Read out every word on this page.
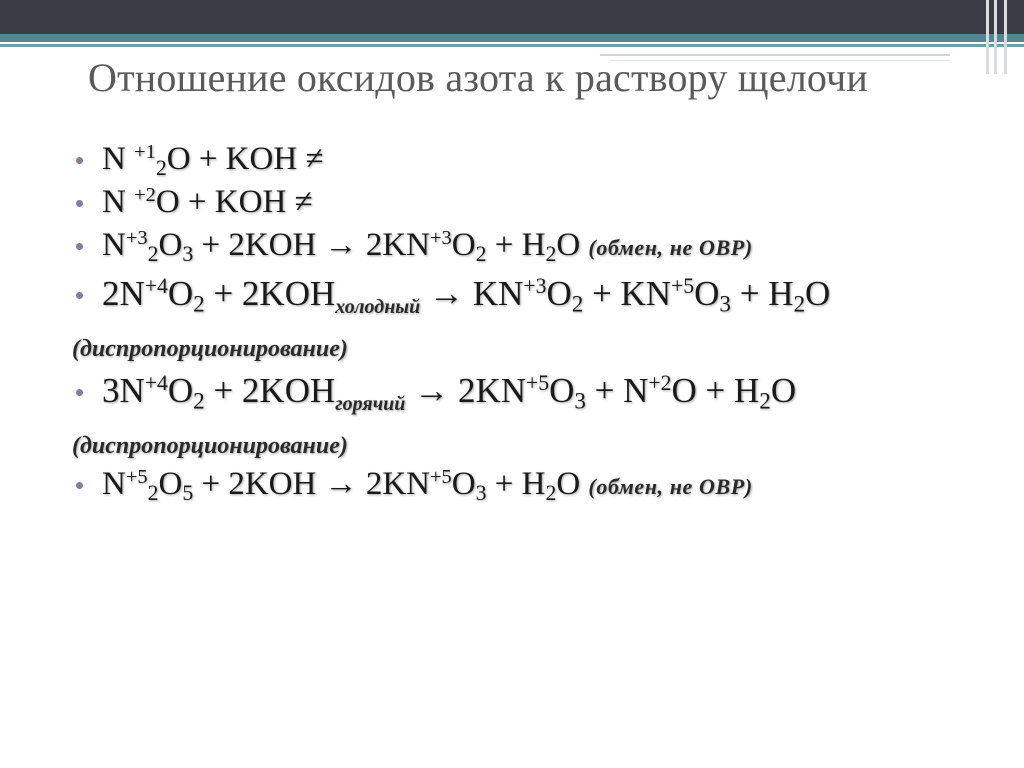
Отношение оксидов азота к раствору щелочи
N $^{+1}_2$O + KOH ≠
N $^{+2}$O + KOH ≠
$N^{+3}_2O_3 + 2KOH \to 2KN^{+3}O_2 + H_2O$ (обмен, не ОВР)
$2N^{+4}O_2 + 2KOH_{холодный} \to KN^{+3}O_2 + KN^{+5}O_3 + H_2O$
(диспропорционирование)
$3N^{+4}O_2 + 2KOH_{горячий} \to 2KN^{+5}O_3 + N^{+2}O + H_2O$
(диспропорционирование)
$N^{+5}_2O_5 + 2KOH \to 2KN^{+5}O_3 + H_2O$ (обмен, не ОВР)
